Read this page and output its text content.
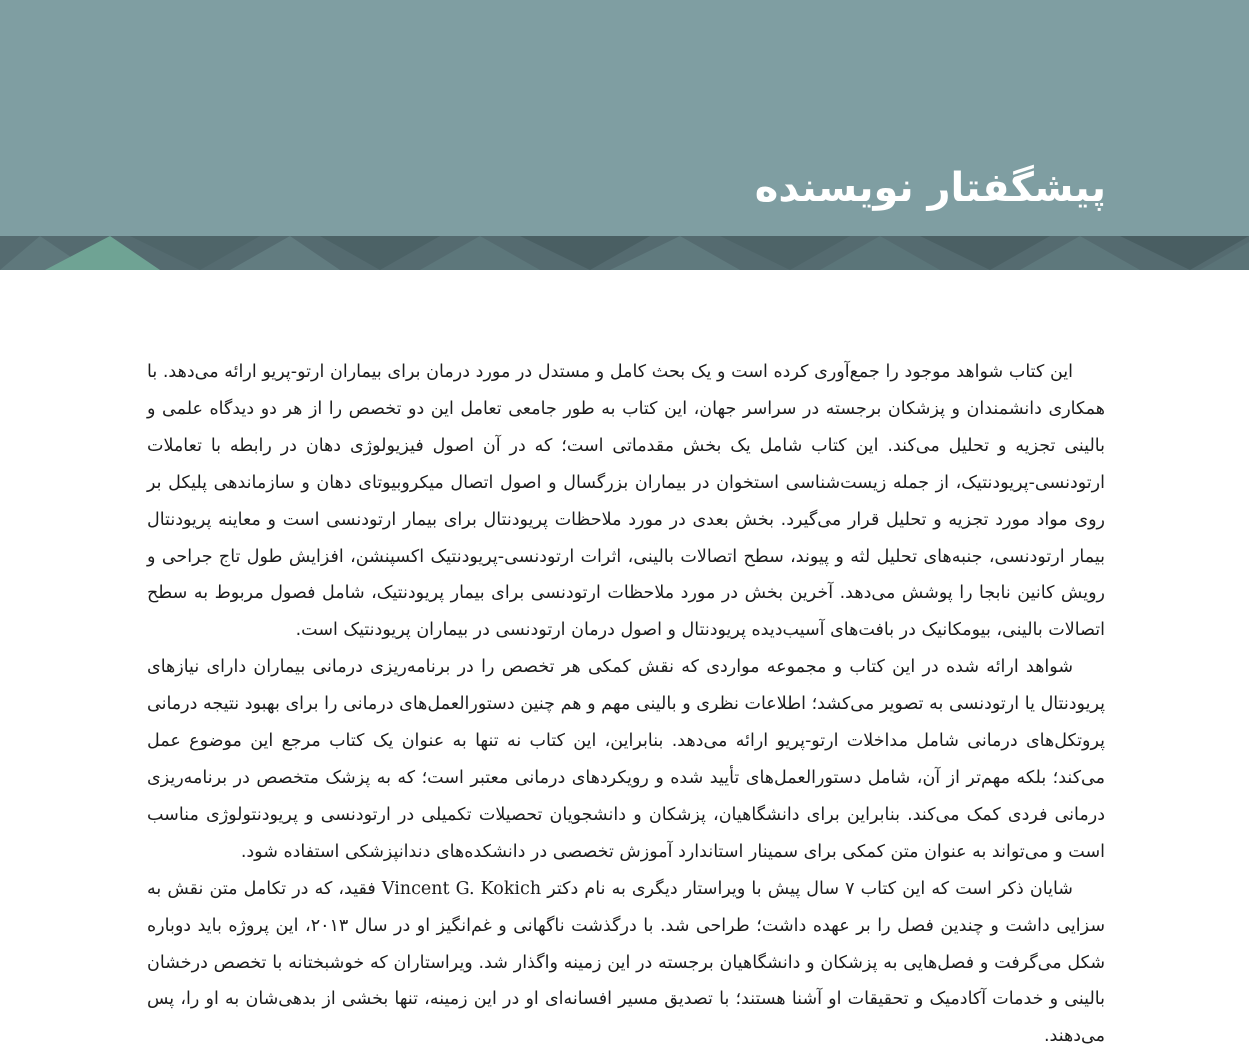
پیشگفتار نویسنده

این کتاب شواهد موجود را جمع‌آوری کرده است و یک بحث کامل و مستدل در مورد درمان برای بیماران ارتو-پریو ارائه می‌دهد. با همکاری دانشمندان و پزشکان برجسته در سراسر جهان، این کتاب به طور جامعی تعامل این دو تخصص را از هر دو دیدگاه علمی و بالینی تجزیه و تحلیل می‌کند. این کتاب شامل یک بخش مقدماتی است؛ که در آن اصول فیزیولوژی دهان در رابطه با تعاملات ارتودنسی-پریودنتیک، از جمله زیست‌شناسی استخوان در بیماران بزرگسال و اصول اتصال میکروبیوتای دهان و سازماندهی پلیکل بر روی مواد مورد تجزیه و تحلیل قرار می‌گیرد. بخش بعدی در مورد ملاحظات پریودنتال برای بیمار ارتودنسی است و معاینه پریودنتال بیمار ارتودنسی، جنبه‌های تحلیل لثه و پیوند، سطح اتصالات بالینی، اثرات ارتودنسی-پریودنتیک اکسپنشن، افزایش طول تاج جراحی و رویش کانین نابجا را پوشش می‌دهد. آخرین بخش در مورد ملاحظات ارتودنسی برای بیمار پریودنتیک، شامل فصول مربوط به سطح اتصالات بالینی، بیومکانیک در بافت‌های آسیب‌دیده پریودنتال و اصول درمان ارتودنسی در بیماران پریودنتیک است.

شواهد ارائه شده در این کتاب و مجموعه مواردی که نقش کمکی هر تخصص را در برنامه‌ریزی درمانی بیماران دارای نیازهای پریودنتال یا ارتودنسی به تصویر می‌کشد؛ اطلاعات نظری و بالینی مهم و هم چنین دستورالعمل‌های درمانی را برای بهبود نتیجه درمانی پروتکل‌های درمانی شامل مداخلات ارتو-پریو ارائه می‌دهد. بنابراین، این کتاب نه تنها به عنوان یک کتاب مرجع این موضوع عمل می‌کند؛ بلکه مهم‌تر از آن، شامل دستورالعمل‌های تأیید شده و رویکردهای درمانی معتبر است؛ که به پزشک متخصص در برنامه‌ریزی درمانی فردی کمک می‌کند. بنابراین برای دانشگاهیان، پزشکان و دانشجویان تحصیلات تکمیلی در ارتودنسی و پریودنتولوژی مناسب است و می‌تواند به عنوان متن کمکی برای سمینار استاندارد آموزش تخصصی در دانشکده‌های دندانپزشکی استفاده شود.

شایان ذکر است که این کتاب ۷ سال پیش با ویراستار دیگری به نام دکتر Vincent G. Kokich فقید، که در تکامل متن نقش به سزایی داشت و چندین فصل را بر عهده داشت؛ طراحی شد. با درگذشت ناگهانی و غم‌انگیز او در سال ۲۰۱۳، این پروژه باید دوباره شکل می‌گرفت و فصل‌هایی به پزشکان و دانشگاهیان برجسته در این زمینه واگذار شد. ویراستاران که خوشبختانه با تخصص درخشان بالینی و خدمات آکادمیک و تحقیقات او آشنا هستند؛ با تصدیق مسیر افسانه‌ای او در این زمینه، تنها بخشی از بدهی‌شان به او را، پس می‌دهند.
